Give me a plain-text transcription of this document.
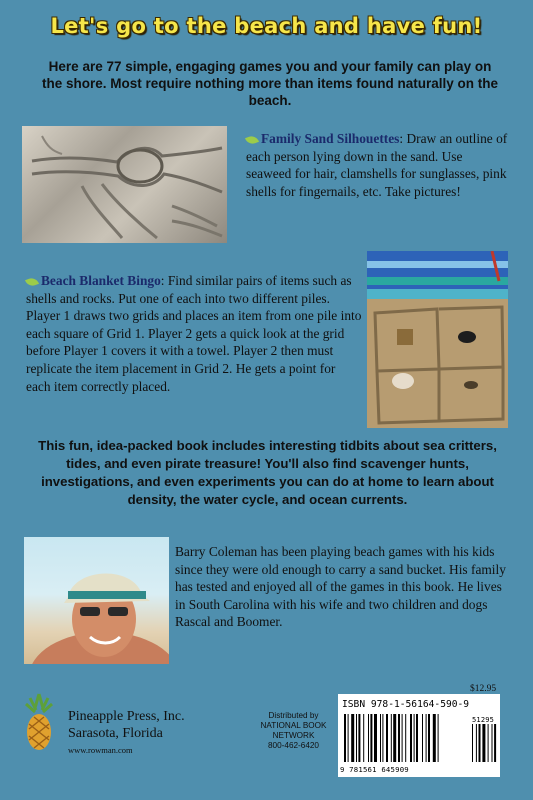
Let's go to the beach and have fun!
Here are 77 simple, engaging games you and your family can play on the shore. Most require nothing more than items found naturally on the beach.
Family Sand Silhouettes: Draw an outline of each person lying down in the sand. Use seaweed for hair, clamshells for sunglasses, pink shells for fingernails, etc. Take pictures!
Beach Blanket Bingo: Find similar pairs of items such as shells and rocks. Put one of each into two different piles. Player 1 draws two grids and places an item from one pile into each square of Grid 1. Player 2 gets a quick look at the grid before Player 1 covers it with a towel. Player 2 then must replicate the item placement in Grid 2. He gets a point for each item correctly placed.
This fun, idea-packed book includes interesting tidbits about sea critters, tides, and even pirate treasure! You'll also find scavenger hunts, investigations, and even experiments you can do at home to learn about density, the water cycle, and ocean currents.
Barry Coleman has been playing beach games with his kids since they were old enough to carry a sand bucket. His family has tested and enjoyed all of the games in this book. He lives in South Carolina with his wife and two children and dogs Rascal and Boomer.
Pineapple Press, Inc.
Sarasota, Florida
www.rowman.com
Distributed by
NATIONAL BOOK
NETWORK
800-462-6420
$12.95
ISBN 978-1-56164-590-9
9 781561 645909
51295
